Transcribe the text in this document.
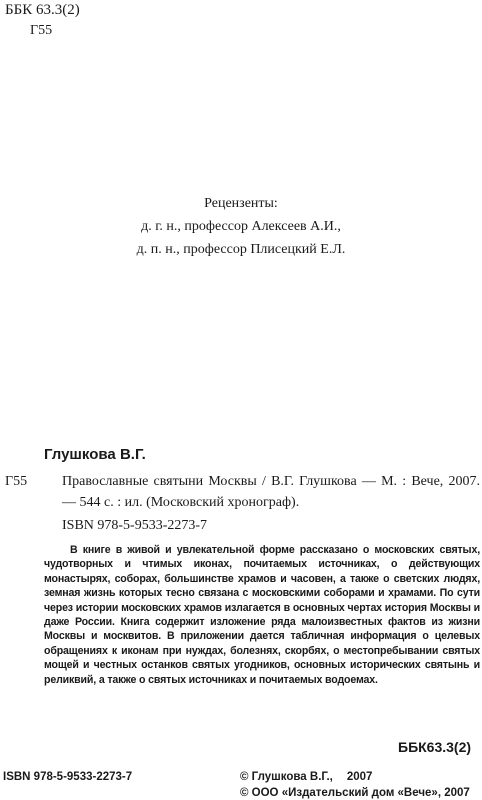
ББК 63.3(2)
Г55
Рецензенты:
д. г. н., профессор Алексеев А.И.,
д. п. н., профессор Плисецкий Е.Л.
Глушкова В.Г.
Г55 Православные святыни Москвы / В.Г. Глушкова — М. : Вече, 2007. — 544 с. : ил. (Московский хронограф).
ISBN 978-5-9533-2273-7
В книге в живой и увлекательной форме рассказано о московских святых, чудотворных и чтимых иконах, почитаемых источниках, о действующих монастырях, соборах, большинстве храмов и часовен, а также о светских людях, земная жизнь которых тесно связана с московскими соборами и храмами. По сути через истории московских храмов излагается в основных чертах история Москвы и даже России. Книга содержит изложение ряда малоизвестных фактов из жизни Москвы и москвитов. В приложении дается табличная информация о целевых обращениях к иконам при нуждах, болезнях, скорбях, о местопребывании святых мощей и честных останков святых угодников, основных исторических святынь и реликвий, а также о святых источниках и почитаемых водоемах.
ББК63.3(2)
ISBN 978-5-9533-2273-7	© Глушкова В.Г., 2007
© ООО «Издательский дом «Вече», 2007
